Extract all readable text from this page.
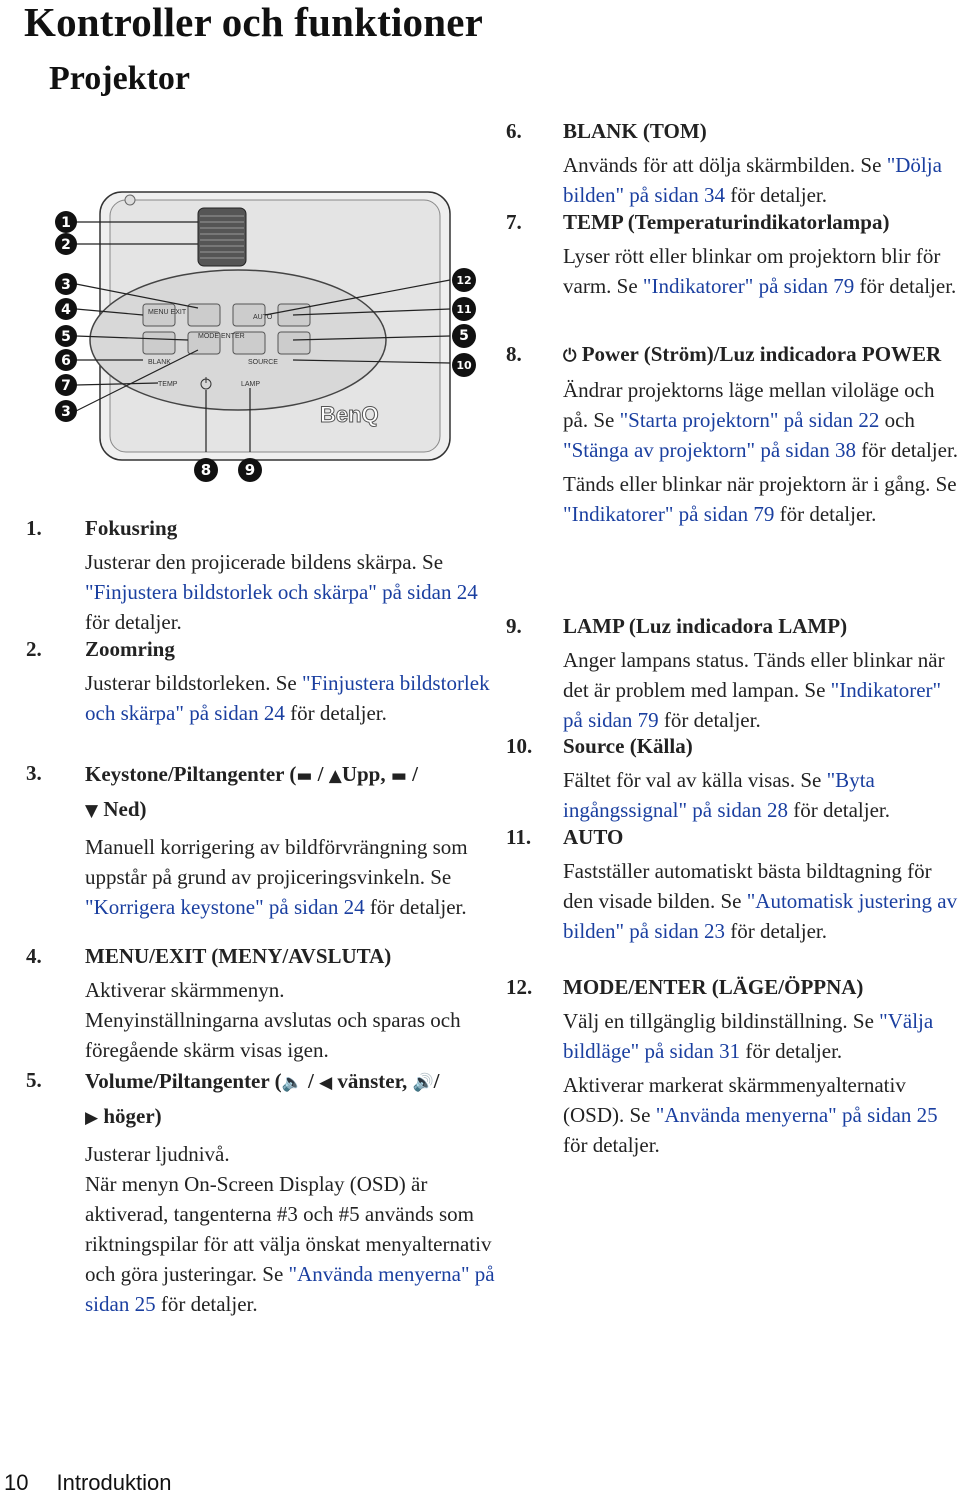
Kontroller och funktioner
Projektor
MENU EXIT
MODE ENTER
AUTO
BLANK	SOURCE
TEMP	LAMP
BenQ
1
2
3
4
5
6
7
3
12
11
5
10
8 9
1. Fokusring

Justerar den projicerade bildens skärpa. Se "Finjustera bildstorlek och skärpa" på sidan 24 för detaljer.

2. Zoomring

Justerar bildstorleken. Se "Finjustera bildstorlek och skärpa" på sidan 24 för detaljer.

3. Keystone/Piltangenter (▬ / ▲Upp, ▬ /
▼ Ned)

Manuell korrigering av bildförvrängning som uppstår på grund av projiceringsvinkeln. Se "Korrigera keystone" på sidan 24 för detaljer.

4. MENU/EXIT (MENY/AVSLUTA)

Aktiverar skärmmenyn.

Menyinställningarna avslutas och sparas och föregående skärm visas igen.

5. Volume/Piltangenter (🔈 / ◀ vänster, 🔊/
▶ höger)

Justerar ljudnivå.

När menyn On-Screen Display (OSD) är aktiverad, tangenterna #3 och #5 används som riktningspilar för att välja önskat menyalternativ och göra justeringar. Se "Använda menyerna" på sidan 25 för detaljer.

6. BLANK (TOM)

Används för att dölja skärmbilden. Se "Dölja bilden" på sidan 34 för detaljer.

7. TEMP (Temperaturindikatorlampa)

Lyser rött eller blinkar om projektorn blir för varm. Se "Indikatorer" på sidan 79 för detaljer.

8. ⏻ Power (Ström)/Luz indicadora POWER

Ändrar projektorns läge mellan viloläge och på. Se "Starta projektorn" på sidan 22 och "Stänga av projektorn" på sidan 38 för detaljer.

Tänds eller blinkar när projektorn är i gång. Se "Indikatorer" på sidan 79 för detaljer.

9. LAMP (Luz indicadora LAMP)

Anger lampans status. Tänds eller blinkar när det är problem med lampan. Se "Indikatorer" på sidan 79 för detaljer.

10. Source (Källa)

Fältet för val av källa visas. Se "Byta ingångssignal" på sidan 28 för detaljer.

11. AUTO

Fastställer automatiskt bästa bildtagning för den visade bilden. Se "Automatisk justering av bilden" på sidan 23 för detaljer.

12. MODE/ENTER (LÄGE/ÖPPNA)

Välj en tillgänglig bildinställning. Se "Välja bildläge" på sidan 31 för detaljer.

Aktiverar markerat skärmmenyalternativ (OSD). Se "Använda menyerna" på sidan 25 för detaljer.

10 Introduktion
